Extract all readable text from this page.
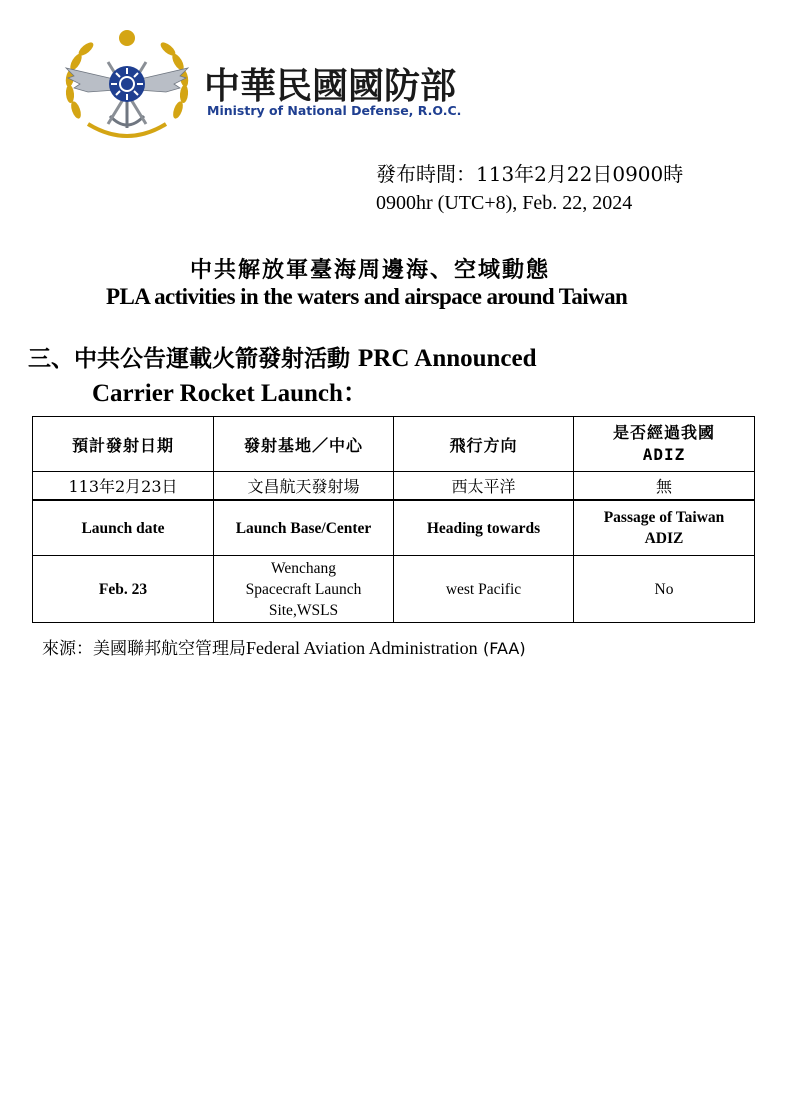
中華民國國防部
Ministry of National Defense, R.O.C.
發布時間：113年2月22日0900時
0900hr (UTC+8), Feb. 22, 2024
中共解放軍臺海周邊海、空域動態
PLA activities in the waters and airspace around Taiwan
三、中共公告運載火箭發射活動 PRC Announced
Carrier Rocket Launch：
預計發射日期	發射基地／中心	飛行方向	是否經過我國
ADIZ
113年2月23日	文昌航天發射場	西太平洋	無
Launch date	Launch Base/Center	Heading towards	Passage of Taiwan
ADIZ
Feb. 23	Wenchang
Spacecraft Launch
Site,WSLS	west Pacific	No
來源：美國聯邦航空管理局Federal Aviation Administration (FAA)
